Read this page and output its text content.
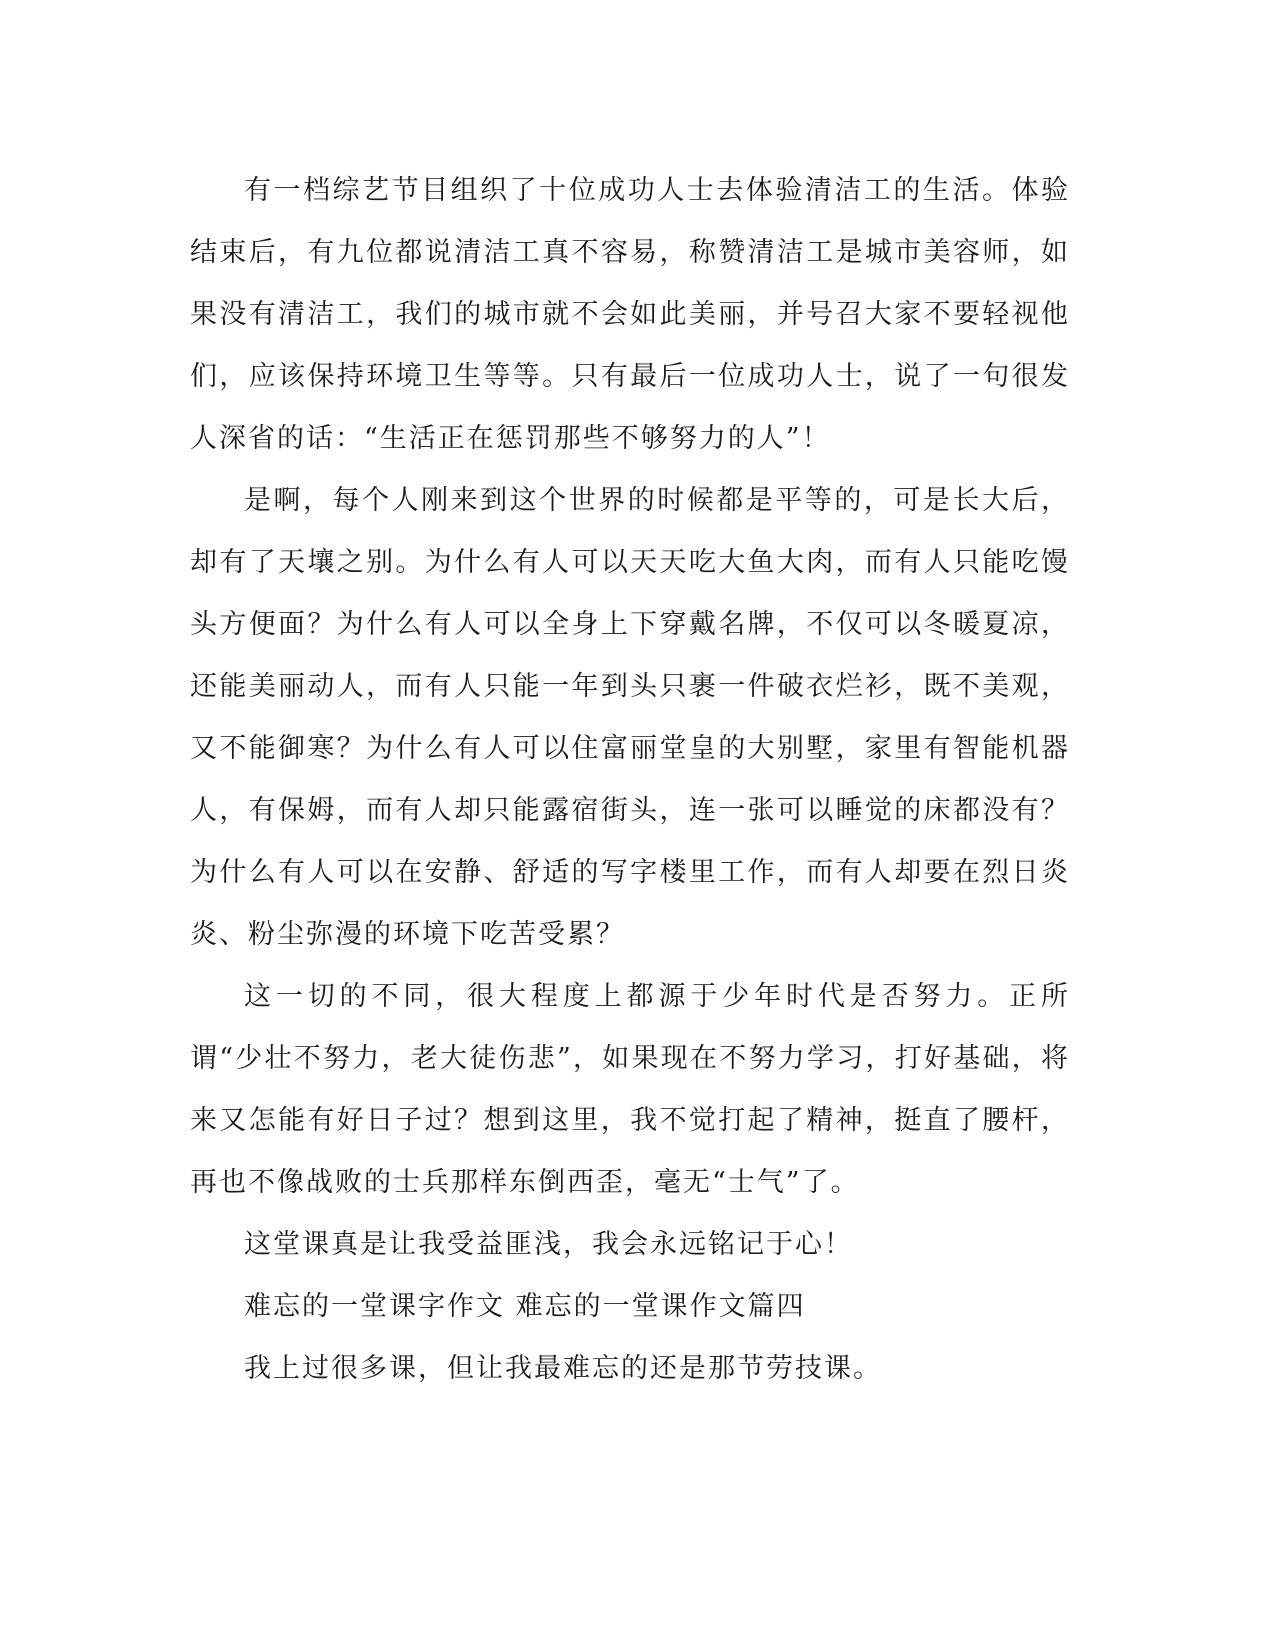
有一档综艺节目组织了十位成功人士去体验清洁工的生活。体验结束后，有九位都说清洁工真不容易，称赞清洁工是城市美容师，如果没有清洁工，我们的城市就不会如此美丽，并号召大家不要轻视他们，应该保持环境卫生等等。只有最后一位成功人士，说了一句很发人深省的话：“生活正在惩罚那些不够努力的人”！

是啊，每个人刚来到这个世界的时候都是平等的，可是长大后，却有了天壤之别。为什么有人可以天天吃大鱼大肉，而有人只能吃馒头方便面？为什么有人可以全身上下穿戴名牌，不仅可以冬暖夏凉，还能美丽动人，而有人只能一年到头只裹一件破衣烂衫，既不美观，又不能御寒？为什么有人可以住富丽堂皇的大别墅，家里有智能机器人，有保姆，而有人却只能露宿街头，连一张可以睡觉的床都没有？为什么有人可以在安静、舒适的写字楼里工作，而有人却要在烈日炎炎、粉尘弥漫的环境下吃苦受累？

这一切的不同，很大程度上都源于少年时代是否努力。正所谓“少壮不努力，老大徒伤悲”，如果现在不努力学习，打好基础，将来又怎能有好日子过？想到这里，我不觉打起了精神，挺直了腰杆，再也不像战败的士兵那样东倒西歪，毫无“士气”了。

这堂课真是让我受益匪浅，我会永远铭记于心！

难忘的一堂课字作文 难忘的一堂课作文篇四

我上过很多课，但让我最难忘的还是那节劳技课。
